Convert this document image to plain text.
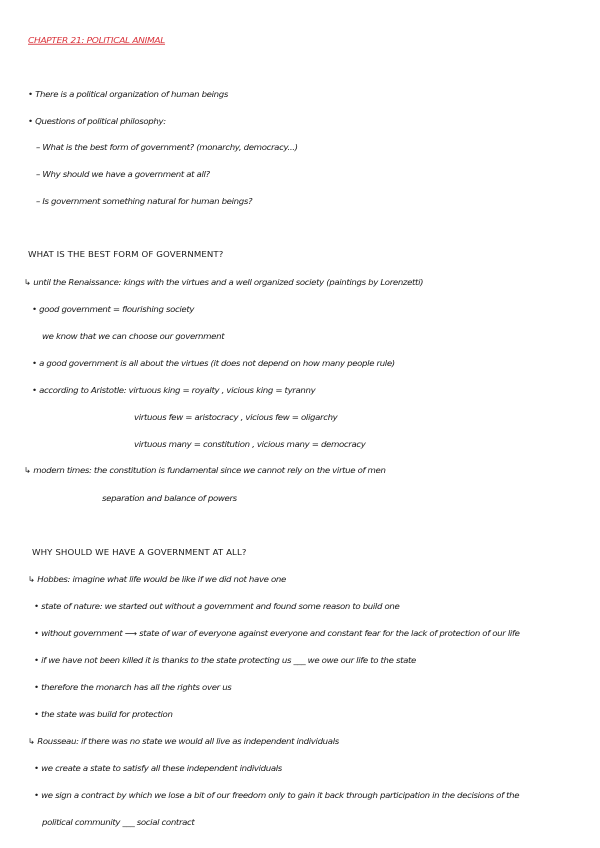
CHAPTER 21: POLITICAL ANIMAL
• There is a political organization of human beings
• Questions of political philosophy:
– What is the best form of government? (monarchy, democracy...)
– Why should we have a government at all?
– Is government something natural for human beings?
WHAT IS THE BEST FORM OF GOVERNMENT?
↳ until the Renaissance: kings with the virtues and a well organized society (paintings by Lorenzetti)
• good government = flourishing society
we know that we can choose our government
• a good government is all about the virtues (it does not depend on how many people rule)
• according to Aristotle: virtuous king = royalty , vicious king = tyranny
virtuous few = aristocracy , vicious few = oligarchy
virtuous many = constitution , vicious many = democracy
↳ modern times: the constitution is fundamental since we cannot rely on the virtue of men
separation and balance of powers
WHY SHOULD WE HAVE A GOVERNMENT AT ALL?
↳ Hobbes: imagine what life would be like if we did not have one
• state of nature: we started out without a government and found some reason to build one
• without government ⟶ state of war of everyone against everyone and constant fear for the lack of protection of our life
• if we have not been killed it is thanks to the state protecting us ___ we owe our life to the state
• therefore the monarch has all the rights over us
• the state was build for protection
↳ Rousseau: if there was no state we would all live as independent individuals
• we create a state to satisfy all these independent individuals
• we sign a contract by which we lose a bit of our freedom only to gain it back through participation in the decisions of the
political community ___ social contract
